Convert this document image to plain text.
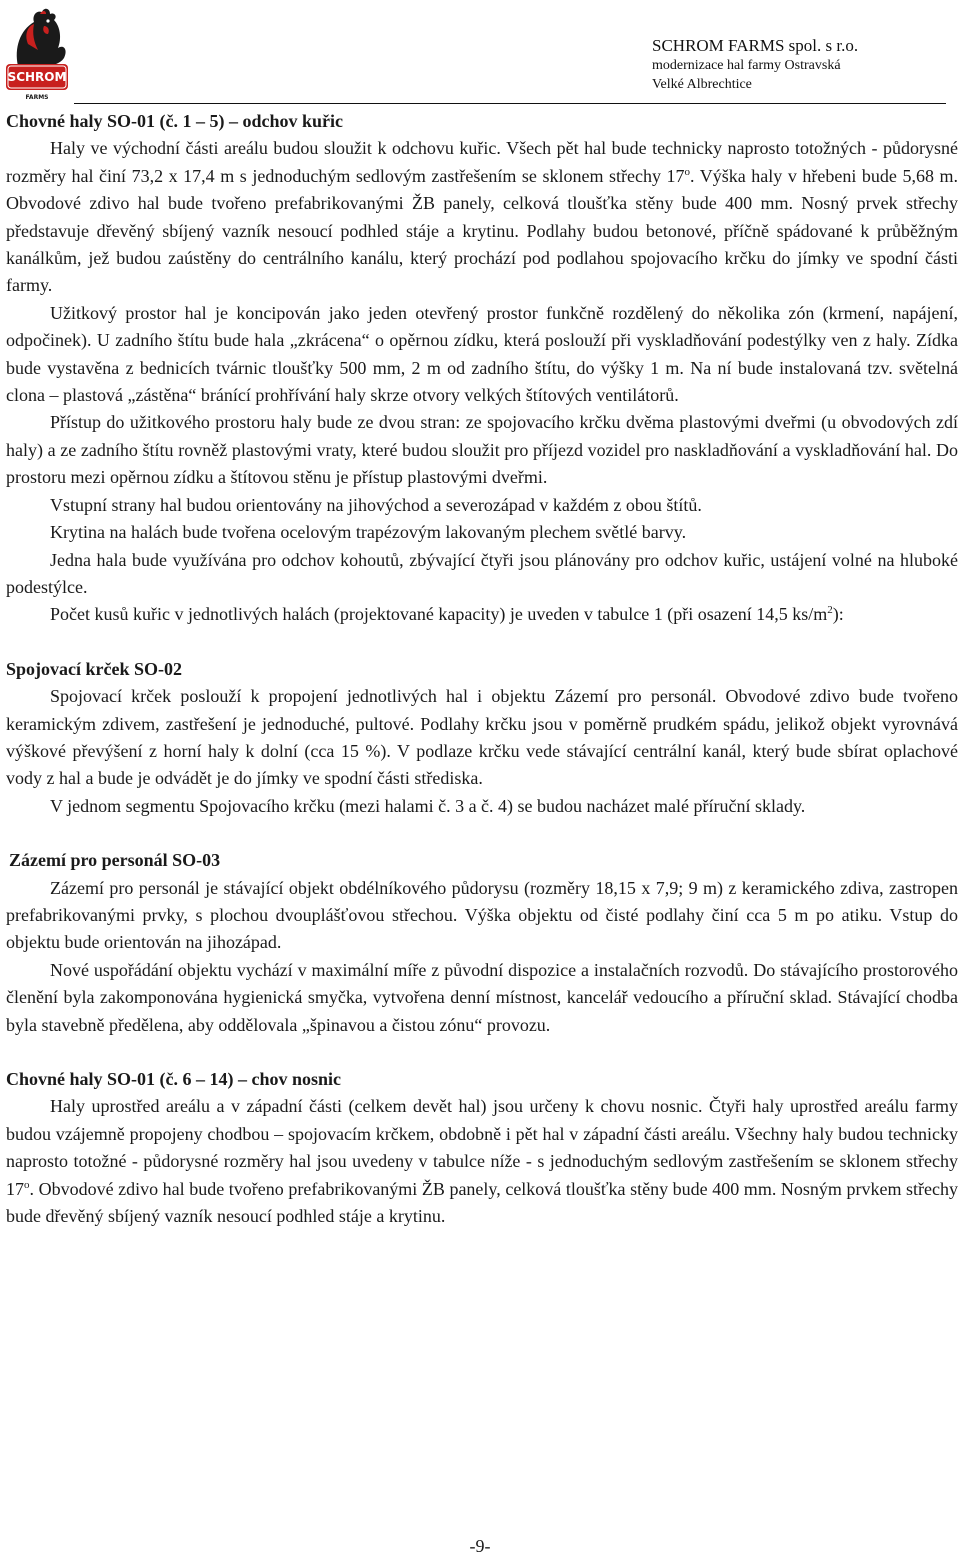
SCHROM
FARMS
SCHROM FARMS spol. s r.o.
modernizace hal farmy Ostravská
Velké Albrechtice

Chovné haly SO-01 (č. 1 – 5) – odchov kuřic

Haly ve východní části areálu budou sloužit k odchovu kuřic. Všech pět hal bude technicky naprosto totožných - půdorysné rozměry hal činí 73,2 x 17,4 m s jednoduchým sedlovým zastřešením se sklonem střechy 17$^o$. Výška haly v hřebeni bude 5,68 m. Obvodové zdivo hal bude tvořeno prefabrikovanými ŽB panely, celková tloušťka stěny bude 400 mm. Nosný prvek střechy představuje dřevěný sbíjený vazník nesoucí podhled stáje a krytinu. Podlahy budou betonové, příčně spádované k průběžným kanálkům, jež budou zaústěny do centrálního kanálu, který prochází pod podlahou spojovacího krčku do jímky ve spodní části farmy.

Užitkový prostor hal je koncipován jako jeden otevřený prostor funkčně rozdělený do několika zón (krmení, napájení, odpočinek). U zadního štítu bude hala „zkrácena“ o opěrnou zídku, která poslouží při vyskladňování podestýlky ven z haly. Zídka bude vystavěna z bednicích tvárnic tloušťky 500 mm, 2 m od zadního štítu, do výšky 1 m. Na ní bude instalovaná tzv. světelná clona – plastová „zástěna“ bránící prohřívání haly skrze otvory velkých štítových ventilátorů.

Přístup do užitkového prostoru haly bude ze dvou stran: ze spojovacího krčku dvěma plastovými dveřmi (u obvodových zdí haly) a ze zadního štítu rovněž plastovými vraty, které budou sloužit pro příjezd vozidel pro naskladňování a vyskladňování hal. Do prostoru mezi opěrnou zídku a štítovou stěnu je přístup plastovými dveřmi.

Vstupní strany hal budou orientovány na jihovýchod a severozápad v každém z obou štítů.

Krytina na halách bude tvořena ocelovým trapézovým lakovaným plechem světlé barvy.

Jedna hala bude využívána pro odchov kohoutů, zbývající čtyři jsou plánovány pro odchov kuřic, ustájení volné na hluboké podestýlce.

Počet kusů kuřic v jednotlivých halách (projektované kapacity) je uveden v tabulce 1 (při osazení 14,5 $ks/m^2$):

Spojovací krček SO-02

Spojovací krček poslouží k propojení jednotlivých hal i objektu Zázemí pro personál. Obvodové zdivo bude tvořeno keramickým zdivem, zastřešení je jednoduché, pultové. Podlahy krčku jsou v poměrně prudkém spádu, jelikož objekt vyrovnává výškové převýšení z horní haly k dolní (cca 15 %). V podlaze krčku vede stávající centrální kanál, který bude sbírat oplachové vody z hal a bude je odvádět je do jímky ve spodní části střediska.

V jednom segmentu Spojovacího krčku (mezi halami č. 3 a č. 4) se budou nacházet malé příruční sklady.

Zázemí pro personál SO-03

Zázemí pro personál je stávající objekt obdélníkového půdorysu (rozměry 18,15 x 7,9; 9 m) z keramického zdiva, zastropen prefabrikovanými prvky, s plochou dvouplášťovou střechou. Výška objektu od čisté podlahy činí cca 5 m po atiku. Vstup do objektu bude orientován na jihozápad.

Nové uspořádání objektu vychází v maximální míře z původní dispozice a instalačních rozvodů. Do stávajícího prostorového členění byla zakomponována hygienická smyčka, vytvořena denní místnost, kancelář vedoucího a příruční sklad. Stávající chodba byla stavebně předělena, aby oddělovala „špinavou a čistou zónu“ provozu.

Chovné haly SO-01 (č. 6 – 14) – chov nosnic

Haly uprostřed areálu a v západní části (celkem devět hal) jsou určeny k chovu nosnic. Čtyři haly uprostřed areálu farmy budou vzájemně propojeny chodbou – spojovacím krčkem, obdobně i pět hal v západní části areálu. Všechny haly budou technicky naprosto totožné - půdorysné rozměry hal jsou uvedeny v tabulce níže - s jednoduchým sedlovým zastřešením se sklonem střechy 17$^o$. Obvodové zdivo hal bude tvořeno prefabrikovanými ŽB panely, celková tloušťka stěny bude 400 mm. Nosným prvkem střechy bude dřevěný sbíjený vazník nesoucí podhled stáje a krytinu.

-9-
